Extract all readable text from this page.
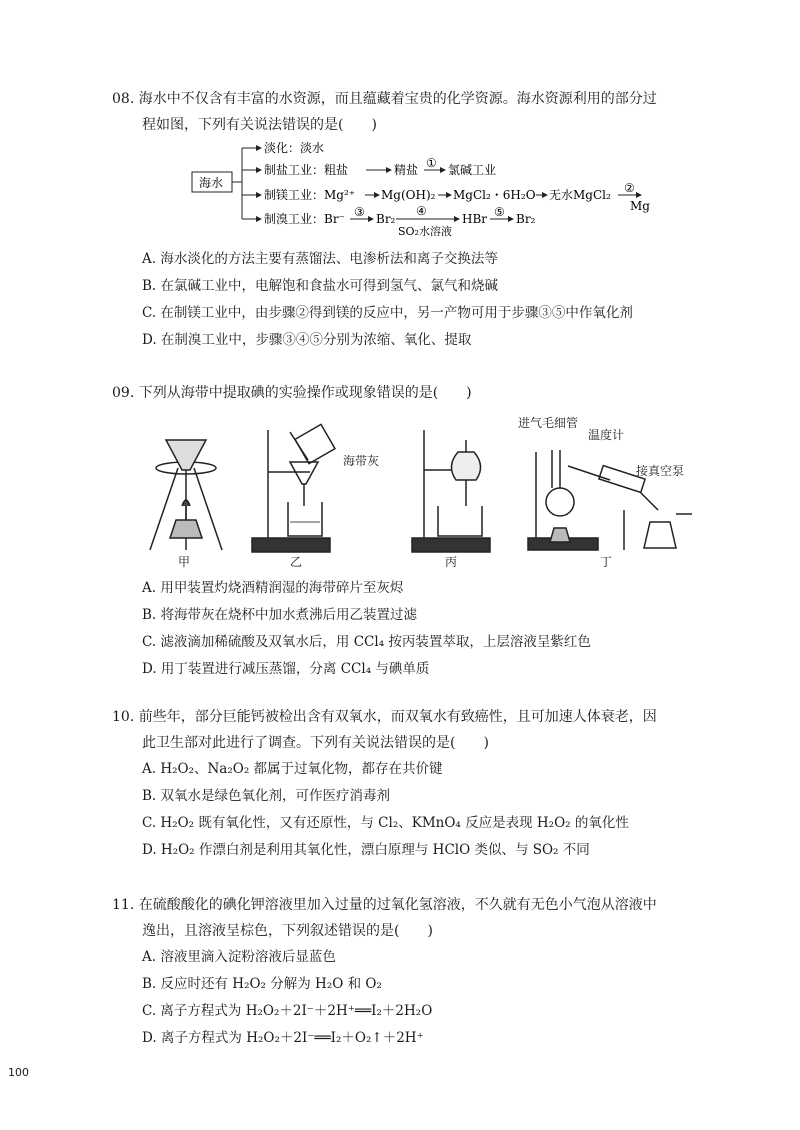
08. 海水中不仅含有丰富的水资源，而且蕴藏着宝贵的化学资源。海水资源利用的部分过

程如图，下列有关说法错误的是(　　)

海水
淡化：淡水
制盐工业：粗盐	精盐 ① 氯碱工业
制镁工业：Mg²⁺ Mg(OH)₂ MgCl₂・6H₂O 无水MgCl₂ ②
Mg
制溴工业：Br⁻ ③ Br₂
④
SO₂水溶液
HBr ⑤ Br₂

A. 海水淡化的方法主要有蒸馏法、电渗析法和离子交换法等

B. 在氯碱工业中，电解饱和食盐水可得到氢气、氯气和烧碱

C. 在制镁工业中，由步骤②得到镁的反应中，另一产物可用于步骤③⑤中作氧化剂

D. 在制溴工业中，步骤③④⑤分别为浓缩、氧化、提取

09. 下列从海带中提取碘的实验操作或现象错误的是(　　)

海带灰
进气毛细管
温度计
接真空泵
甲	乙	丙	丁

A. 用甲装置灼烧酒精润湿的海带碎片至灰烬

B. 将海带灰在烧杯中加水煮沸后用乙装置过滤

C. 滤液滴加稀硫酸及双氧水后，用 CCl₄ 按丙装置萃取，上层溶液呈紫红色

D. 用丁装置进行减压蒸馏，分离 CCl₄ 与碘单质

10. 前些年，部分巨能钙被检出含有双氧水，而双氧水有致癌性，且可加速人体衰老，因

此卫生部对此进行了调查。下列有关说法错误的是(　　)

A. H₂O₂、Na₂O₂ 都属于过氧化物，都存在共价键

B. 双氧水是绿色氧化剂，可作医疗消毒剂

C. H₂O₂ 既有氧化性，又有还原性，与 Cl₂、KMnO₄ 反应是表现 H₂O₂ 的氧化性

D. H₂O₂ 作漂白剂是利用其氧化性，漂白原理与 HClO 类似、与 SO₂ 不同

11. 在硫酸酸化的碘化钾溶液里加入过量的过氧化氢溶液，不久就有无色小气泡从溶液中

逸出，且溶液呈棕色，下列叙述错误的是(　　)

A. 溶液里滴入淀粉溶液后显蓝色

B. 反应时还有 H₂O₂ 分解为 H₂O 和 O₂

C. 离子方程式为 H₂O₂＋2I⁻＋2H⁺══I₂＋2H₂O

D. 离子方程式为 H₂O₂＋2I⁻══I₂＋O₂↑＋2H⁺

100
